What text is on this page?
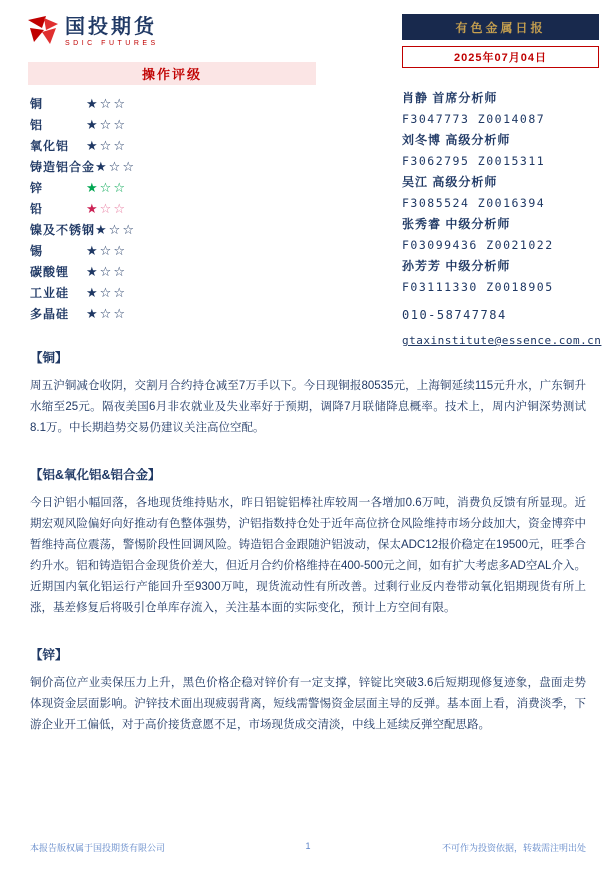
国投期货
SDIC FUTURES
有色金属日报
2025年07月04日
操作评级
铜	★☆☆
铝	★☆☆
氧化铝 ★☆☆
铸造铝合金★☆☆
锌	★☆☆
铅	★☆☆
镍及不锈钢★☆☆
锡	★☆☆
碳酸锂 ★☆☆
工业硅 ★☆☆
多晶硅 ★☆☆
肖静 首席分析师
F3047773 Z0014087
刘冬博 高级分析师
F3062795 Z0015311
吴江 高级分析师
F3085524 Z0016394
张秀睿 中级分析师
F03099436 Z0021022
孙芳芳 中级分析师
F03111330 Z0018905
010-58747784
gtaxinstitute@essence.com.cn
【铜】

周五沪铜减仓收阴，交割月合约持仓减至7万手以下。今日现铜报80535元，上海铜延续115元升水，广东铜升水缩至25元。隔夜美国6月非农就业及失业率好于预期，调降7月联储降息概率。技术上，周内沪铜深势测试8.1万。中长期趋势交易仍建议关注高位空配。

【铝&氧化铝&铝合金】

今日沪铝小幅回落，各地现货维持贴水，昨日铝锭铝棒社库较周一各增加0.6万吨，消费负反馈有所显现。近期宏观风险偏好向好推动有色整体强势，沪铝指数持仓处于近年高位挤仓风险维持市场分歧加大，资金博弈中暂维持高位震荡，警惕阶段性回调风险。铸造铝合金跟随沪铝波动，保太ADC12报价稳定在19500元，旺季合约升水。铝和铸造铝合金现货价差大，但近月合约价格维持在400-500元之间，如有扩大考虑多AD空AL介入。近期国内氧化铝运行产能回升至9300万吨，现货流动性有所改善。过剩行业反内卷带动氧化铝期现货有所上涨，基差修复后将吸引仓单库存流入，关注基本面的实际变化，预计上方空间有限。

【锌】

铜价高位产业卖保压力上升，黑色价格企稳对锌价有一定支撑，锌锭比突破3.6后短期现修复迹象，盘面走势体现资金层面影响。沪锌技术面出现疲弱背离，短线需警惕资金层面主导的反弹。基本面上看，消费淡季，下游企业开工偏低，对于高价接货意愿不足，市场现货成交清淡，中线上延续反弹空配思路。

本报告版权属于国投期货有限公司	1	不可作为投资依据，转载需注明出处
